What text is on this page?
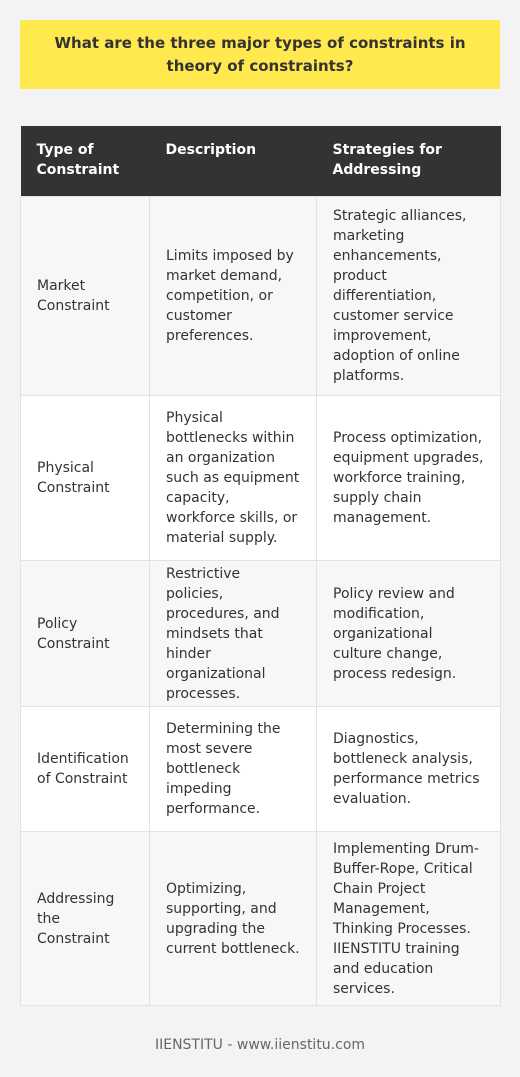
What are the three major types of constraints in theory of constraints?
Type of Constraint	Description	Strategies for Addressing
Market Constraint	Limits imposed by market demand, competition, or customer preferences.	Strategic alliances, marketing enhancements, product differentiation, customer service improvement, adoption of online platforms.
Physical Constraint	Physical bottlenecks within an organization such as equipment capacity, workforce skills, or material supply.	Process optimization, equipment upgrades, workforce training, supply chain management.
Policy Constraint	Restrictive policies, procedures, and mindsets that hinder organizational processes.	Policy review and modification, organizational culture change, process redesign.
Identification of Constraint	Determining the most severe bottleneck impeding performance.	Diagnostics, bottleneck analysis, performance metrics evaluation.
Addressing the Constraint	Optimizing, supporting, and upgrading the current bottleneck.	Implementing Drum-Buffer-Rope, Critical Chain Project Management, Thinking Processes. IIENSTITU training and education services.
IIENSTITU - www.iienstitu.com
